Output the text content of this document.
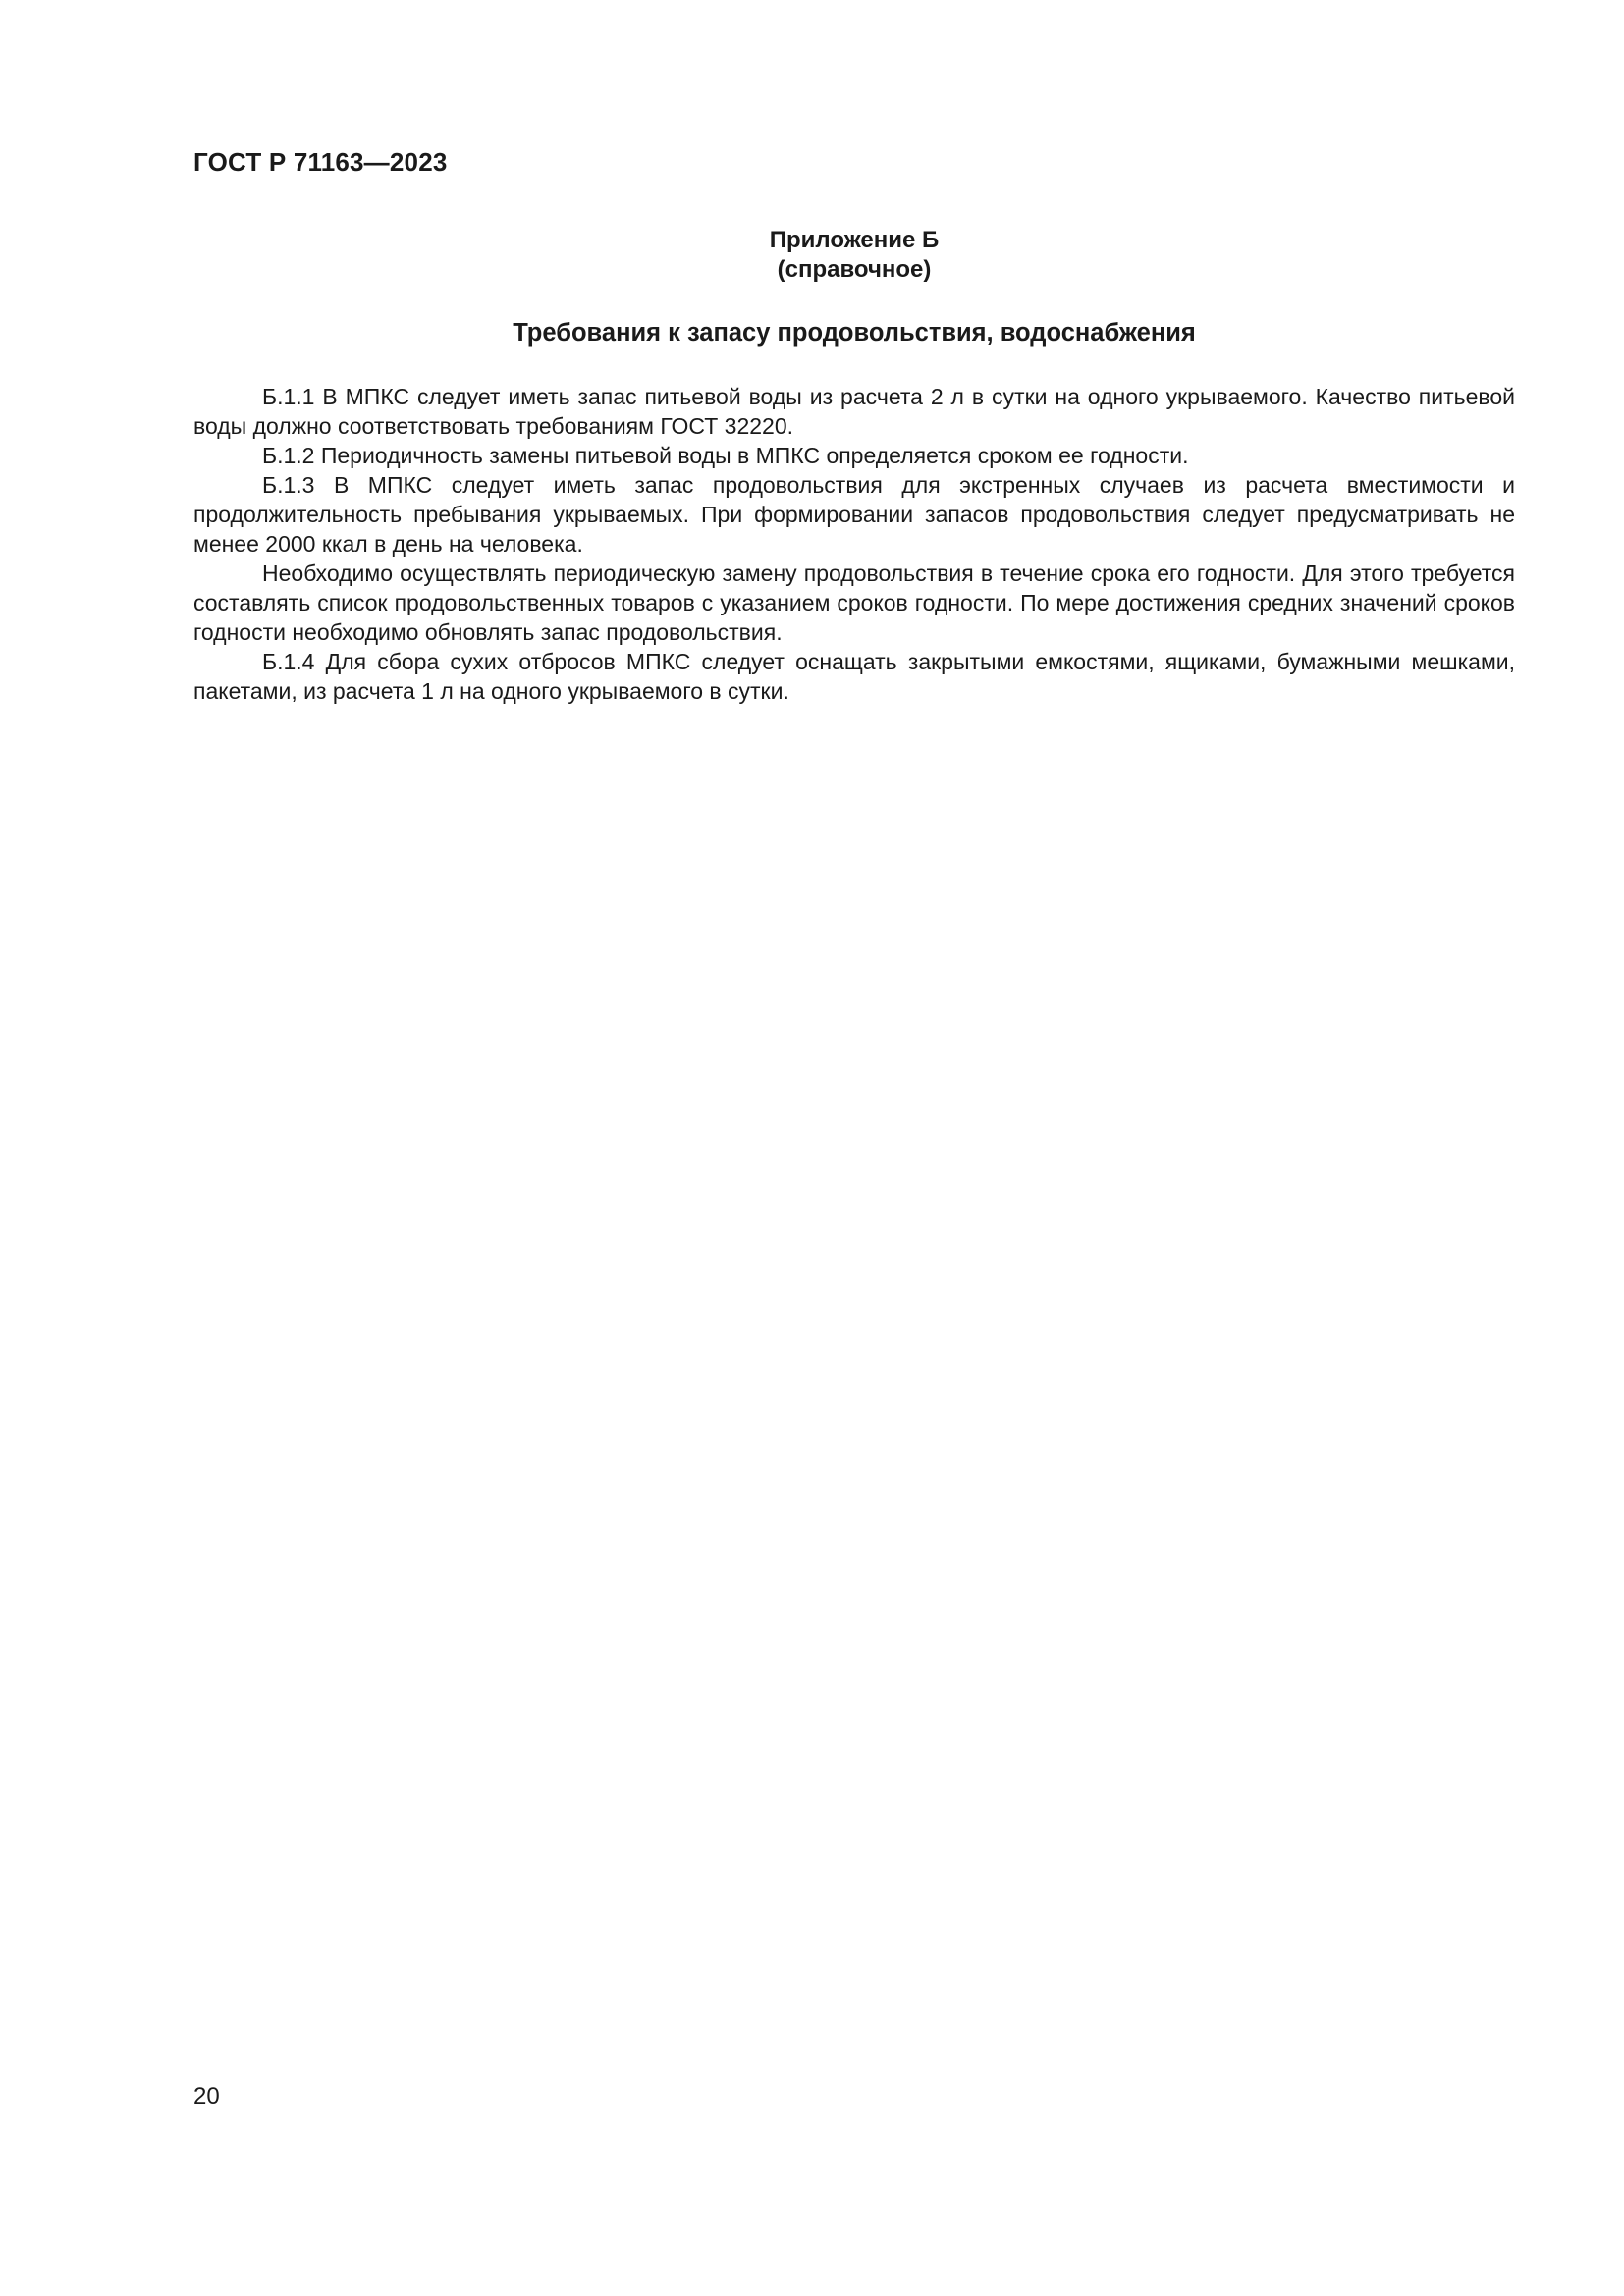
ГОСТ Р 71163—2023
Приложение Б
(справочное)
Требования к запасу продовольствия, водоснабжения

Б.1.1 В МПКС следует иметь запас питьевой воды из расчета 2 л в сутки на одного укрываемого. Качество питьевой воды должно соответствовать требованиям ГОСТ 32220.

Б.1.2 Периодичность замены питьевой воды в МПКС определяется сроком ее годности.

Б.1.3 В МПКС следует иметь запас продовольствия для экстренных случаев из расчета вместимости и продолжительность пребывания укрываемых. При формировании запасов продовольствия следует предусматривать не менее 2000 ккал в день на человека.

Необходимо осуществлять периодическую замену продовольствия в течение срока его годности. Для этого требуется составлять список продовольственных товаров с указанием сроков годности. По мере достижения средних значений сроков годности необходимо обновлять запас продовольствия.

Б.1.4 Для сбора сухих отбросов МПКС следует оснащать закрытыми емкостями, ящиками, бумажными мешками, пакетами, из расчета 1 л на одного укрываемого в сутки.

20
